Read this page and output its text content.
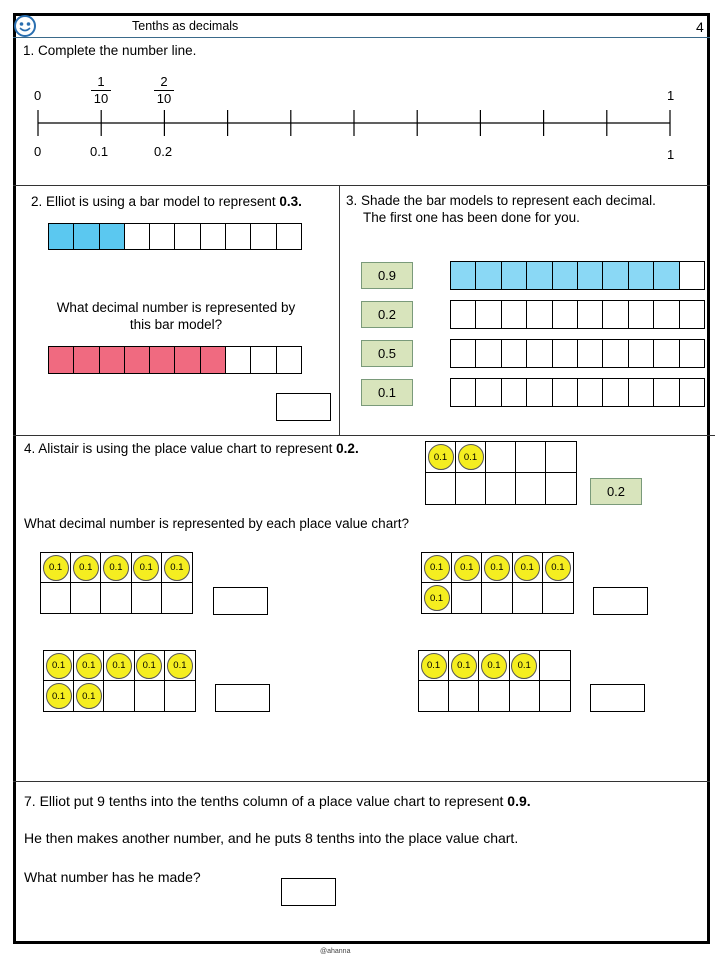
Tenths as decimals	4
1. Complete the number line.
0	1
$\frac{1}{10}$	$\frac{2}{10}$
0	0.1	0.2	1
2. Elliot is using a bar model to represent 0.3.
What decimal number is represented by
this bar model?
3. Shade the bar models to represent each decimal.
The first one has been done for you.
0.9
0.2
0.5
0.1
4. Alistair is using the place value chart to represent 0.2.
0.1	0.1
0.2
What decimal number is represented by each place value chart?
0.1	0.1	0.1	0.1	0.1	0.1	0.1	0.1	0.1	0.1
0.1
0.1	0.1	0.1	0.1	0.1
0.1	0.1
0.1	0.1	0.1	0.1
7. Elliot put 9 tenths into the tenths column of a place value chart to represent 0.9.
He then makes another number, and he puts 8 tenths into the place value chart.
What number has he made?
@ahanna
